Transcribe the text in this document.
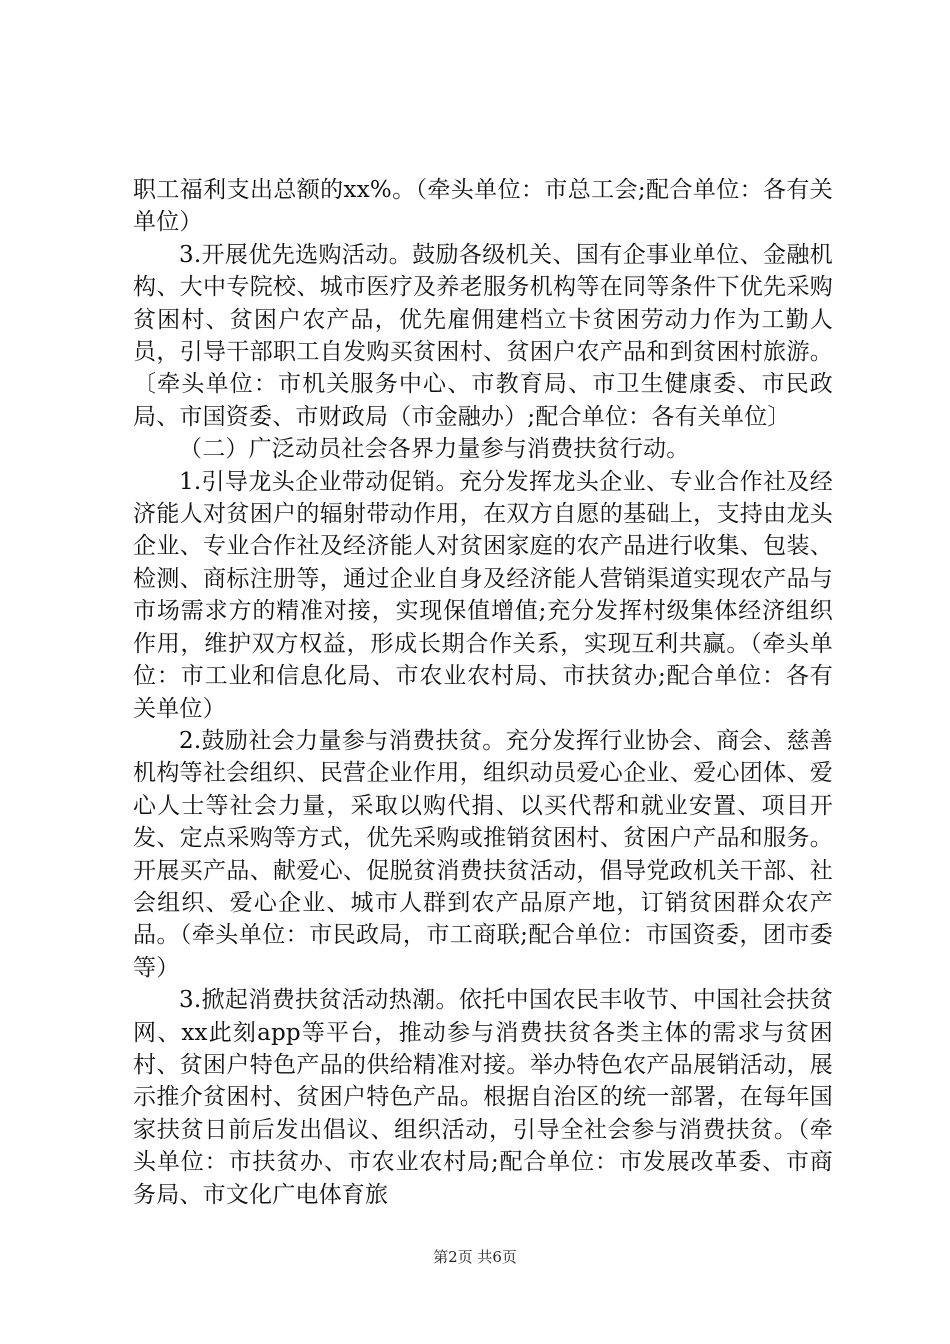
职工福利支出总额的xx%。（牵头单位：市总工会;配合单位：各有关单位）

3.开展优先选购活动。鼓励各级机关、国有企事业单位、金融机构、大中专院校、城市医疗及养老服务机构等在同等条件下优先采购贫困村、贫困户农产品，优先雇佣建档立卡贫困劳动力作为工勤人员，引导干部职工自发购买贫困村、贫困户农产品和到贫困村旅游。〔牵头单位：市机关服务中心、市教育局、市卫生健康委、市民政局、市国资委、市财政局（市金融办）;配合单位：各有关单位〕

（二）广泛动员社会各界力量参与消费扶贫行动。

1.引导龙头企业带动促销。充分发挥龙头企业、专业合作社及经济能人对贫困户的辐射带动作用，在双方自愿的基础上，支持由龙头企业、专业合作社及经济能人对贫困家庭的农产品进行收集、包装、检测、商标注册等，通过企业自身及经济能人营销渠道实现农产品与市场需求方的精准对接，实现保值增值;充分发挥村级集体经济组织作用，维护双方权益，形成长期合作关系，实现互利共赢。（牵头单位：市工业和信息化局、市农业农村局、市扶贫办;配合单位：各有关单位）

2.鼓励社会力量参与消费扶贫。充分发挥行业协会、商会、慈善机构等社会组织、民营企业作用，组织动员爱心企业、爱心团体、爱心人士等社会力量，采取以购代捐、以买代帮和就业安置、项目开发、定点采购等方式，优先采购或推销贫困村、贫困户产品和服务。开展买产品、献爱心、促脱贫消费扶贫活动，倡导党政机关干部、社会组织、爱心企业、城市人群到农产品原产地，订销贫困群众农产品。（牵头单位：市民政局，市工商联;配合单位：市国资委，团市委等）

3.掀起消费扶贫活动热潮。依托中国农民丰收节、中国社会扶贫网、xx此刻app等平台，推动参与消费扶贫各类主体的需求与贫困村、贫困户特色产品的供给精准对接。举办特色农产品展销活动，展示推介贫困村、贫困户特色产品。根据自治区的统一部署，在每年国家扶贫日前后发出倡议、组织活动，引导全社会参与消费扶贫。（牵头单位：市扶贫办、市农业农村局;配合单位：市发展改革委、市商务局、市文化广电体育旅

第2页 共6页
